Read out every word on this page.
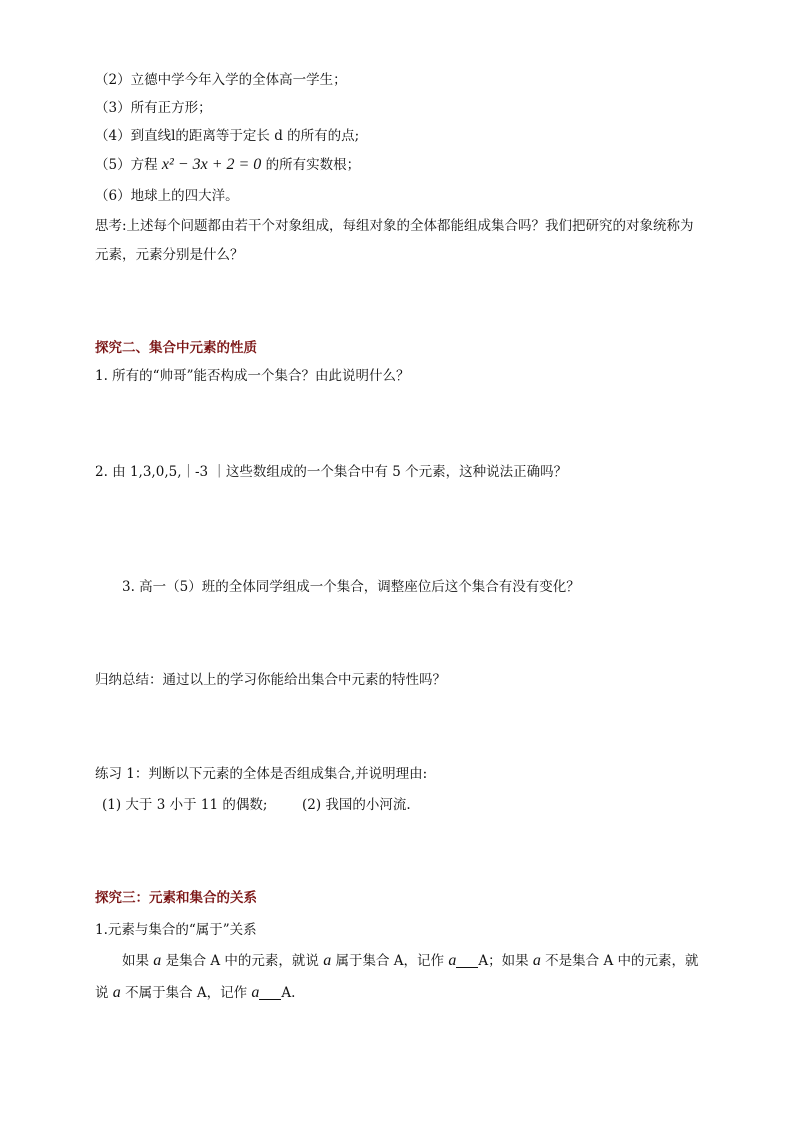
（2）立德中学今年入学的全体高一学生；
（3）所有正方形；
（4）到直线l的距离等于定长 d 的所有的点;
（5）方程 x² − 3x + 2 = 0 的所有实数根；
（6）地球上的四大洋。
思考:上述每个问题都由若干个对象组成，每组对象的全体都能组成集合吗？我们把研究的对象统称为元素，元素分别是什么？
探究二、集合中元素的性质
1. 所有的“帅哥”能否构成一个集合？由此说明什么？
2. 由 1,3,0,5,｜-3 ｜这些数组成的一个集合中有 5 个元素，这种说法正确吗？
3. 高一（5）班的全体同学组成一个集合，调整座位后这个集合有没有变化？
归纳总结：通过以上的学习你能给出集合中元素的特性吗？
练习 1：判断以下元素的全体是否组成集合,并说明理由:
(1) 大于 3 小于 11 的偶数;	(2) 我国的小河流.
探究三：元素和集合的关系
1.元素与集合的“属于”关系
如果 a 是集合 A 中的元素，就说 a 属于集合 A，记作 a A；如果 a 不是集合 A 中的元素，就
说 a 不属于集合 A，记作 a A.
